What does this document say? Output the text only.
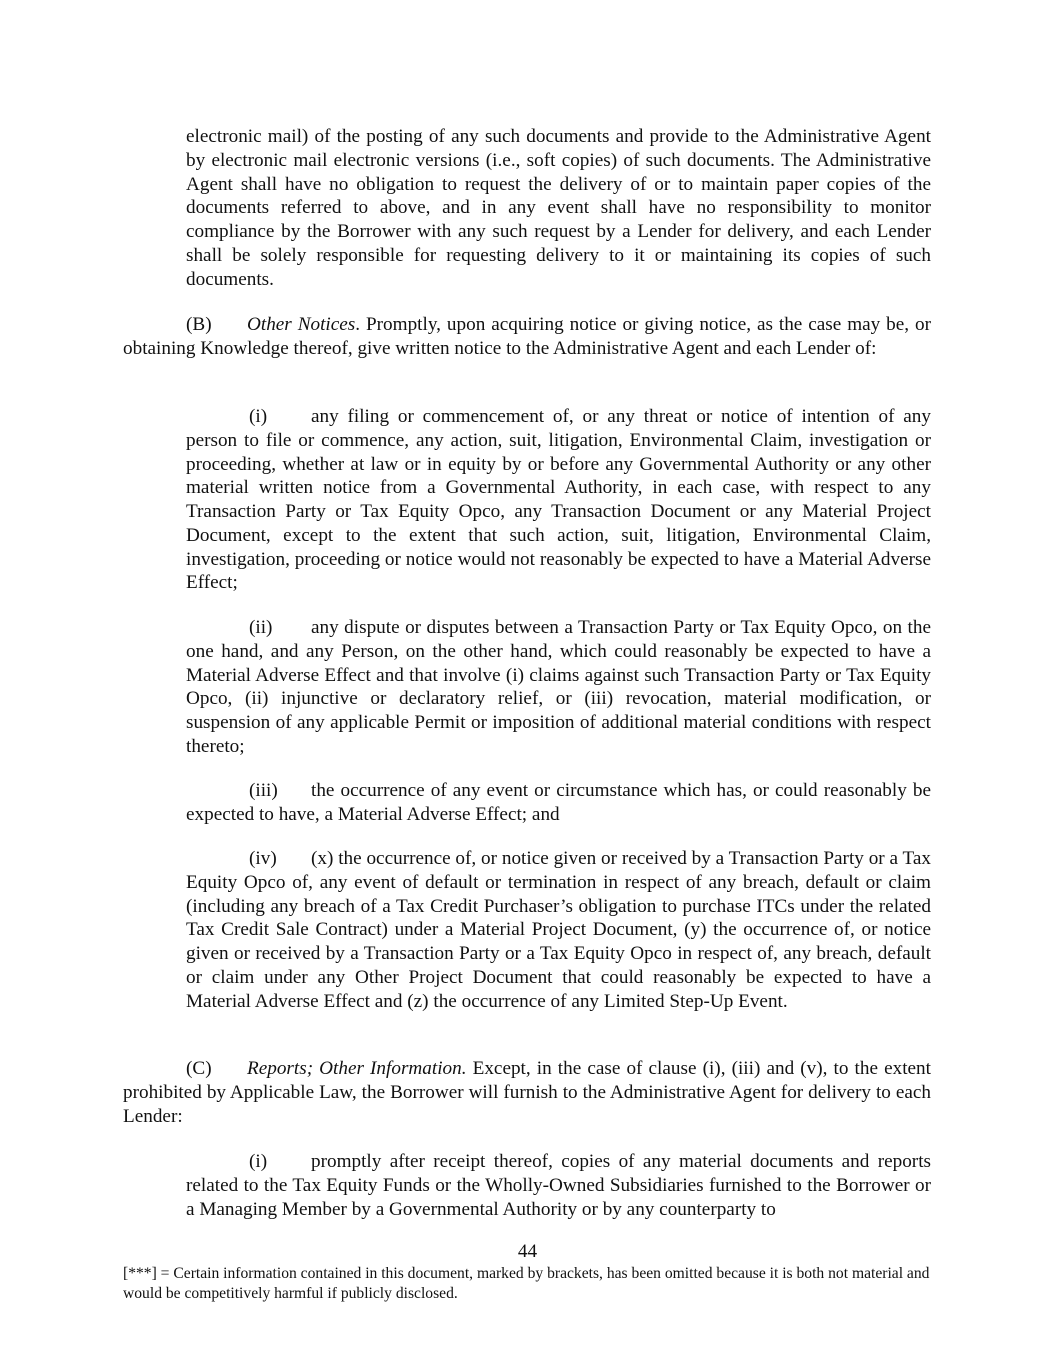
electronic mail) of the posting of any such documents and provide to the Administrative Agent by electronic mail electronic versions (i.e., soft copies) of such documents. The Administrative Agent shall have no obligation to request the delivery of or to maintain paper copies of the documents referred to above, and in any event shall have no responsibility to monitor compliance by the Borrower with any such request by a Lender for delivery, and each Lender shall be solely responsible for requesting delivery to it or maintaining its copies of such documents.

(B) Other Notices. Promptly, upon acquiring notice or giving notice, as the case may be, or obtaining Knowledge thereof, give written notice to the Administrative Agent and each Lender of:

(i) any filing or commencement of, or any threat or notice of intention of any person to file or commence, any action, suit, litigation, Environmental Claim, investigation or proceeding, whether at law or in equity by or before any Governmental Authority or any other material written notice from a Governmental Authority, in each case, with respect to any Transaction Party or Tax Equity Opco, any Transaction Document or any Material Project Document, except to the extent that such action, suit, litigation, Environmental Claim, investigation, proceeding or notice would not reasonably be expected to have a Material Adverse Effect;

(ii) any dispute or disputes between a Transaction Party or Tax Equity Opco, on the one hand, and any Person, on the other hand, which could reasonably be expected to have a Material Adverse Effect and that involve (i) claims against such Transaction Party or Tax Equity Opco, (ii) injunctive or declaratory relief, or (iii) revocation, material modification, or suspension of any applicable Permit or imposition of additional material conditions with respect thereto;

(iii) the occurrence of any event or circumstance which has, or could reasonably be expected to have, a Material Adverse Effect; and

(iv) (x) the occurrence of, or notice given or received by a Transaction Party or a Tax Equity Opco of, any event of default or termination in respect of any breach, default or claim (including any breach of a Tax Credit Purchaser’s obligation to purchase ITCs under the related Tax Credit Sale Contract) under a Material Project Document, (y) the occurrence of, or notice given or received by a Transaction Party or a Tax Equity Opco in respect of, any breach, default or claim under any Other Project Document that could reasonably be expected to have a Material Adverse Effect and (z) the occurrence of any Limited Step-Up Event.

(C) Reports; Other Information. Except, in the case of clause (i), (iii) and (v), to the extent prohibited by Applicable Law, the Borrower will furnish to the Administrative Agent for delivery to each Lender:

(i) promptly after receipt thereof, copies of any material documents and reports related to the Tax Equity Funds or the Wholly-Owned Subsidiaries furnished to the Borrower or a Managing Member by a Governmental Authority or by any counterparty to

44
[***] = Certain information contained in this document, marked by brackets, has been omitted because it is both not material and would be competitively harmful if publicly disclosed.
